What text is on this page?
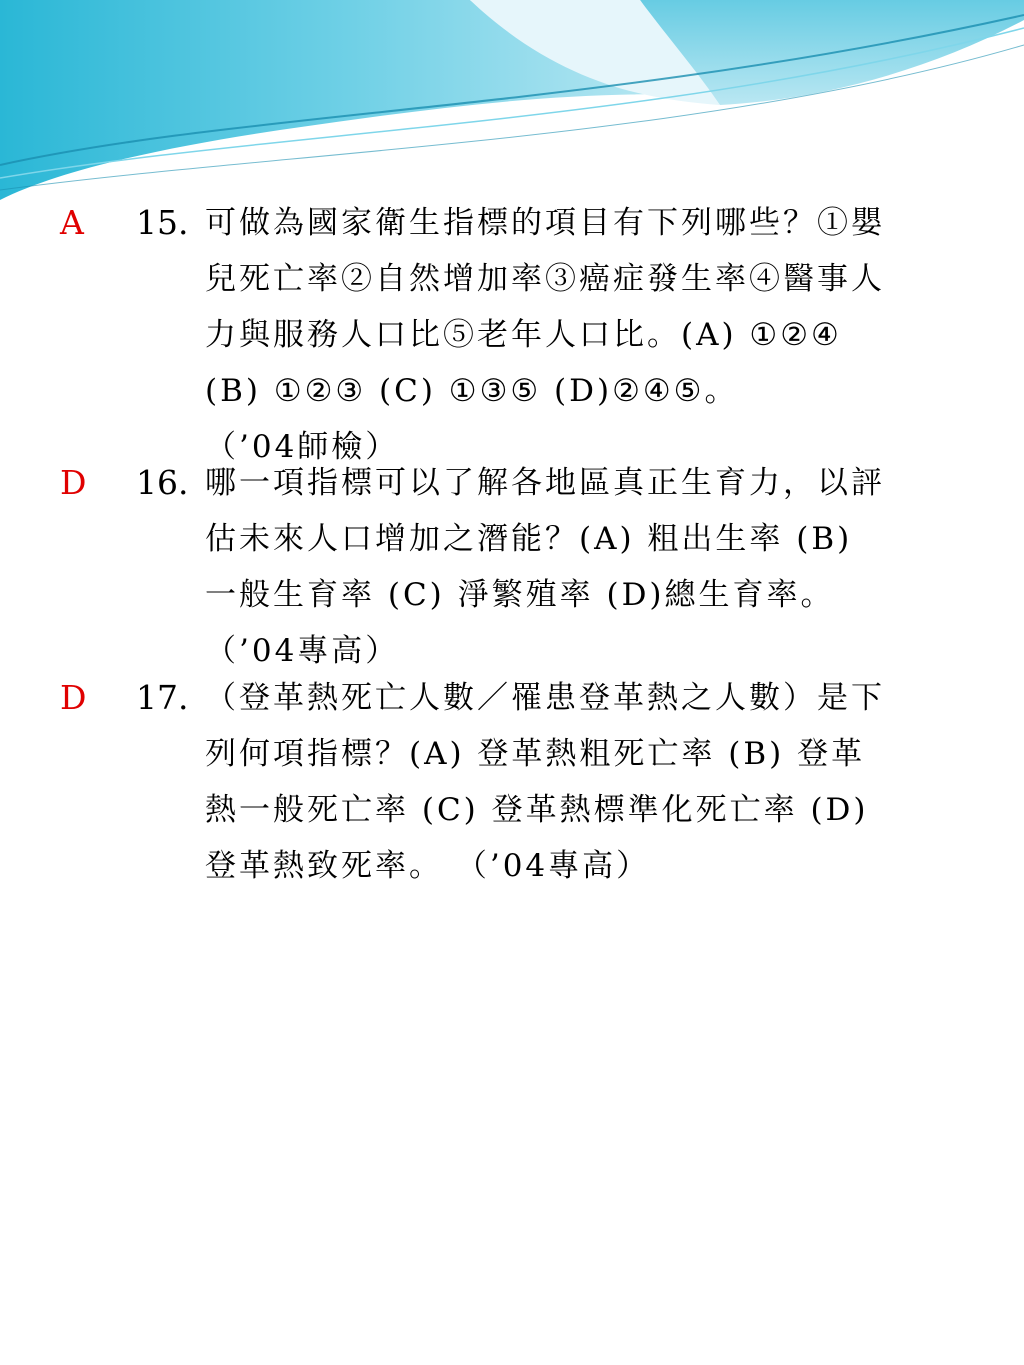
A 15. 可做為國家衛生指標的項目有下列哪些？①嬰
兒死亡率②自然增加率③癌症發生率④醫事人
力與服務人口比⑤老年人口比。(A) ①②④
(B) ①②③ (C) ①③⑤ (D)②④⑤。
（’04師檢）
D 16. 哪一項指標可以了解各地區真正生育力，以評
估未來人口增加之潛能？(A) 粗出生率 (B)
一般生育率 (C) 淨繁殖率 (D)總生育率。
（’04專高）
D 17. （登革熱死亡人數／罹患登革熱之人數）是下
列何項指標？(A) 登革熱粗死亡率 (B) 登革
熱一般死亡率 (C) 登革熱標準化死亡率 (D)
登革熱致死率。 （’04專高）
